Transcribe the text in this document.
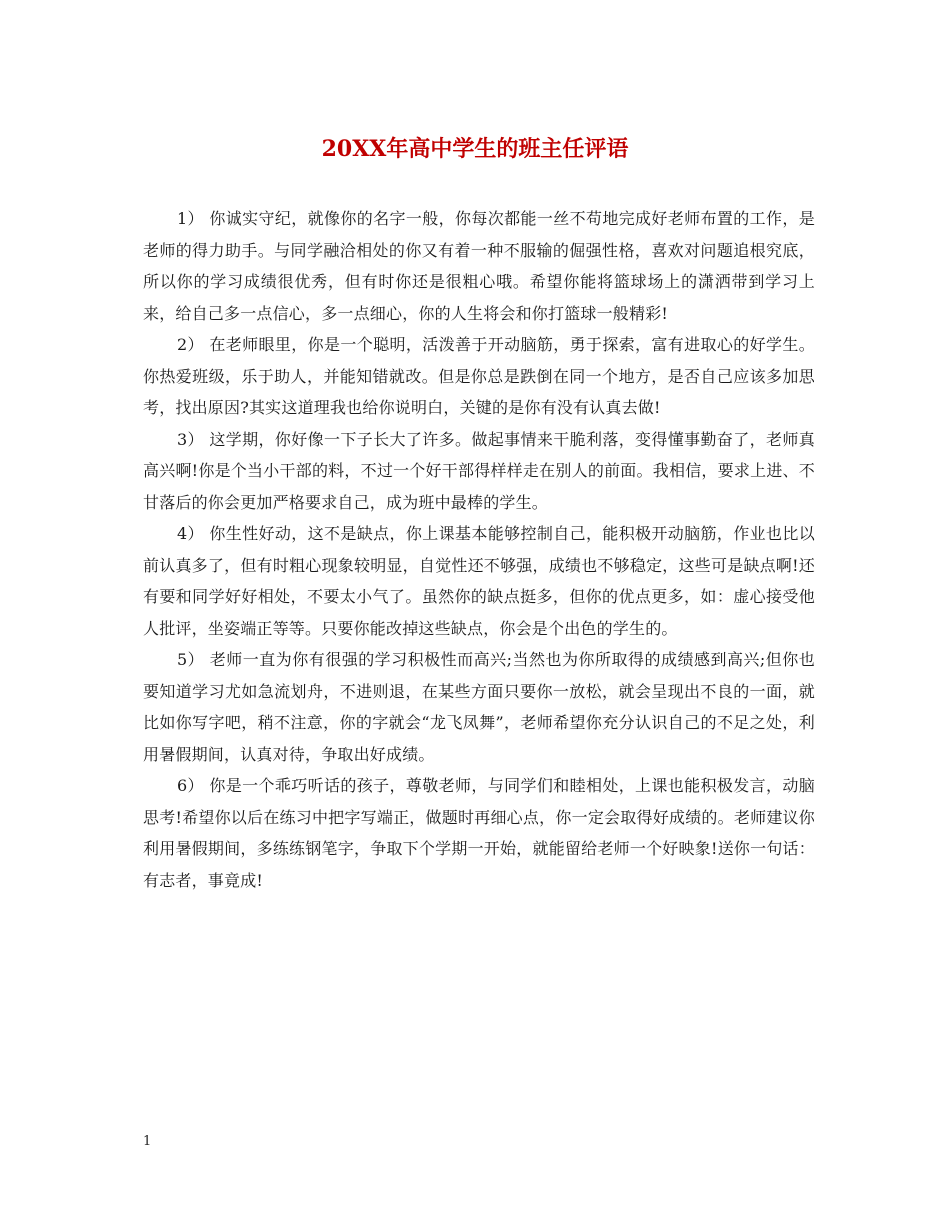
20XX年高中学生的班主任评语

1） 你诚实守纪，就像你的名字一般，你每次都能一丝不苟地完成好老师布置的工作，是老师的得力助手。与同学融洽相处的你又有着一种不服输的倔强性格，喜欢对问题追根究底，所以你的学习成绩很优秀，但有时你还是很粗心哦。希望你能将篮球场上的潇洒带到学习上来，给自己多一点信心，多一点细心，你的人生将会和你打篮球一般精彩!

2） 在老师眼里，你是一个聪明，活泼善于开动脑筋，勇于探索，富有进取心的好学生。你热爱班级，乐于助人，并能知错就改。但是你总是跌倒在同一个地方，是否自己应该多加思考，找出原因?其实这道理我也给你说明白，关键的是你有没有认真去做!

3） 这学期，你好像一下子长大了许多。做起事情来干脆利落，变得懂事勤奋了，老师真高兴啊!你是个当小干部的料，不过一个好干部得样样走在别人的前面。我相信，要求上进、不甘落后的你会更加严格要求自己，成为班中最棒的学生。

4） 你生性好动，这不是缺点，你上课基本能够控制自己，能积极开动脑筋，作业也比以前认真多了，但有时粗心现象较明显，自觉性还不够强，成绩也不够稳定，这些可是缺点啊!还有要和同学好好相处，不要太小气了。虽然你的缺点挺多，但你的优点更多，如：虚心接受他人批评，坐姿端正等等。只要你能改掉这些缺点，你会是个出色的学生的。

5） 老师一直为你有很强的学习积极性而高兴;当然也为你所取得的成绩感到高兴;但你也要知道学习尤如急流划舟，不进则退，在某些方面只要你一放松，就会呈现出不良的一面，就比如你写字吧，稍不注意，你的字就会“龙飞凤舞”，老师希望你充分认识自己的不足之处，利用暑假期间，认真对待，争取出好成绩。

6） 你是一个乖巧听话的孩子，尊敬老师，与同学们和睦相处，上课也能积极发言，动脑思考!希望你以后在练习中把字写端正，做题时再细心点，你一定会取得好成绩的。老师建议你利用暑假期间，多练练钢笔字，争取下个学期一开始，就能留给老师一个好映象!送你一句话：有志者，事竟成!

1
